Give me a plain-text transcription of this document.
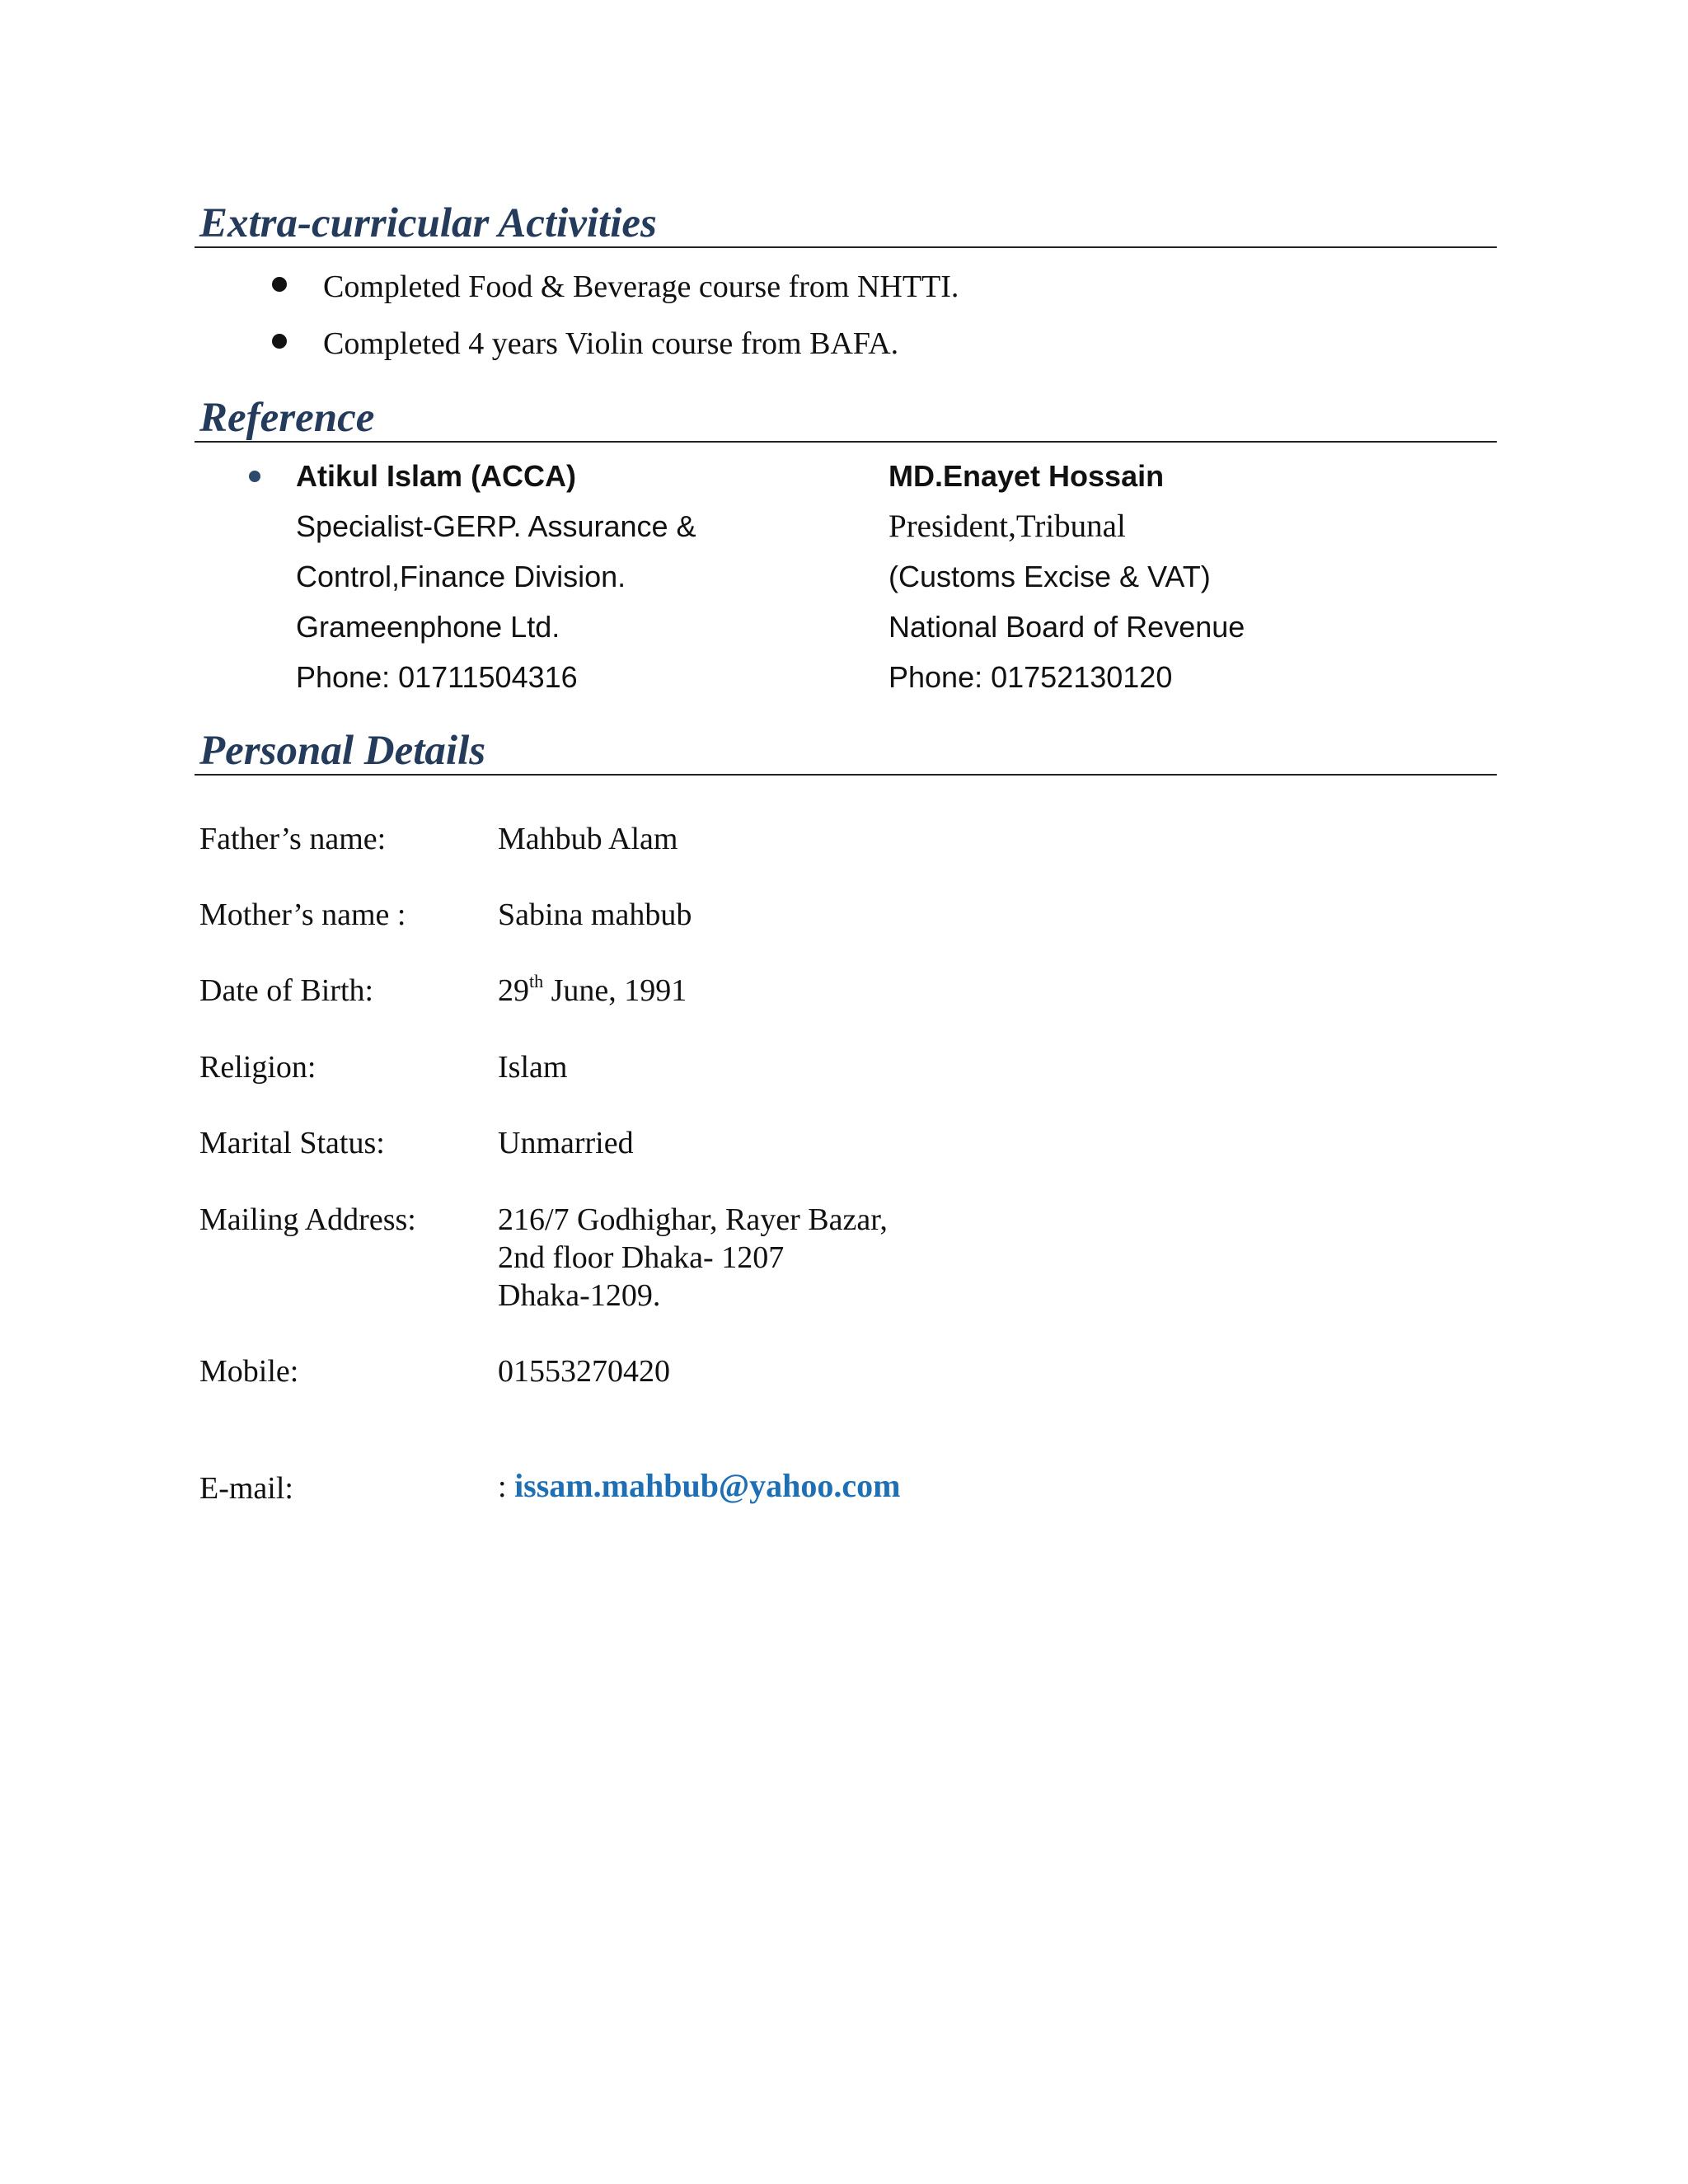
Extra-curricular Activities
Completed Food & Beverage course from NHTTI.
Completed 4 years Violin course from BAFA.
Reference
Atikul Islam (ACCA)
Specialist-GERP. Assurance &
Control,Finance Division.
Grameenphone Ltd.
Phone: 01711504316
MD.Enayet Hossain
President,Tribunal
(Customs Excise & VAT)
National Board of Revenue
Phone: 01752130120
Personal Details
Father’s name:	Mahbub Alam
Mother’s name :	Sabina mahbub
Date of Birth:	29th June, 1991
Religion:	Islam
Marital Status:	Unmarried
Mailing Address:	216/7 Godhighar, Rayer Bazar,
2nd floor Dhaka- 1207
Dhaka-1209.
Mobile:	01553270420
E-mail:	: issam.mahbub@yahoo.com
